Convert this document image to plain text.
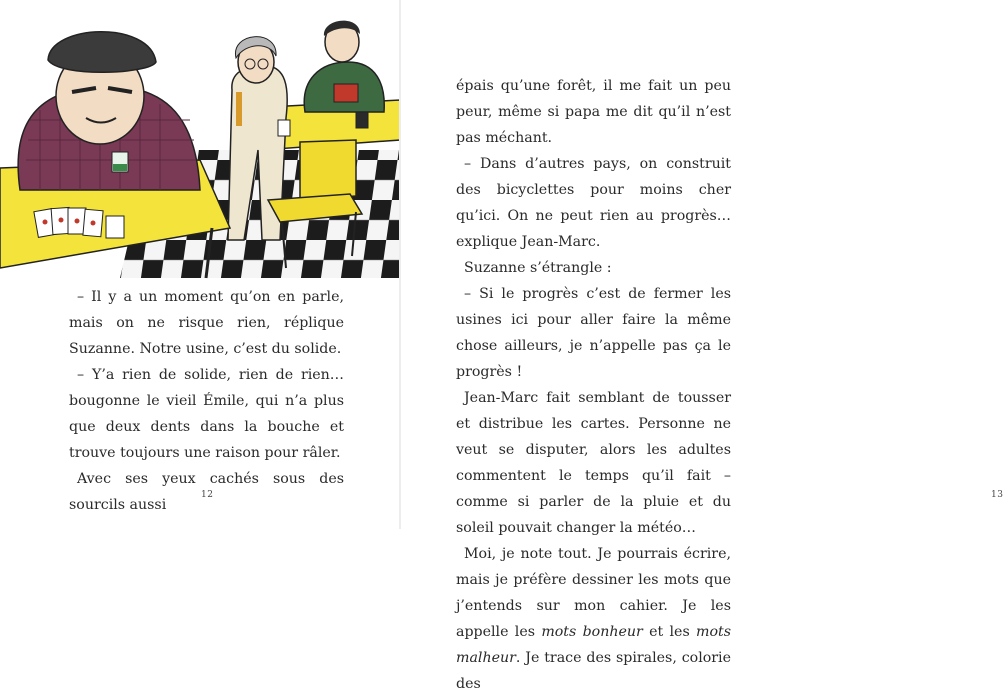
– Il y a un moment qu’on en parle, mais on ne risque rien, réplique Suzanne. Notre usine, c’est du solide.

– Y’a rien de solide, rien de rien… bougonne le vieil Émile, qui n’a plus que deux dents dans la bouche et trouve toujours une raison pour râler.

Avec ses yeux cachés sous des sourcils aussi

12

épais qu’une forêt, il me fait un peu peur, même si papa me dit qu’il n’est pas méchant.

– Dans d’autres pays, on construit des bicyclettes pour moins cher qu’ici. On ne peut rien au progrès… explique Jean-Marc.

Suzanne s’étrangle :

– Si le progrès c’est de fermer les usines ici pour aller faire la même chose ailleurs, je n’appelle pas ça le progrès !

Jean-Marc fait semblant de tousser et distribue les cartes. Personne ne veut se disputer, alors les adultes commentent le temps qu’il fait – comme si parler de la pluie et du soleil pouvait changer la météo…

Moi, je note tout. Je pourrais écrire, mais je préfère dessiner les mots que j’entends sur mon cahier. Je les appelle les mots bonheur et les mots malheur. Je trace des spirales, colorie des

13
